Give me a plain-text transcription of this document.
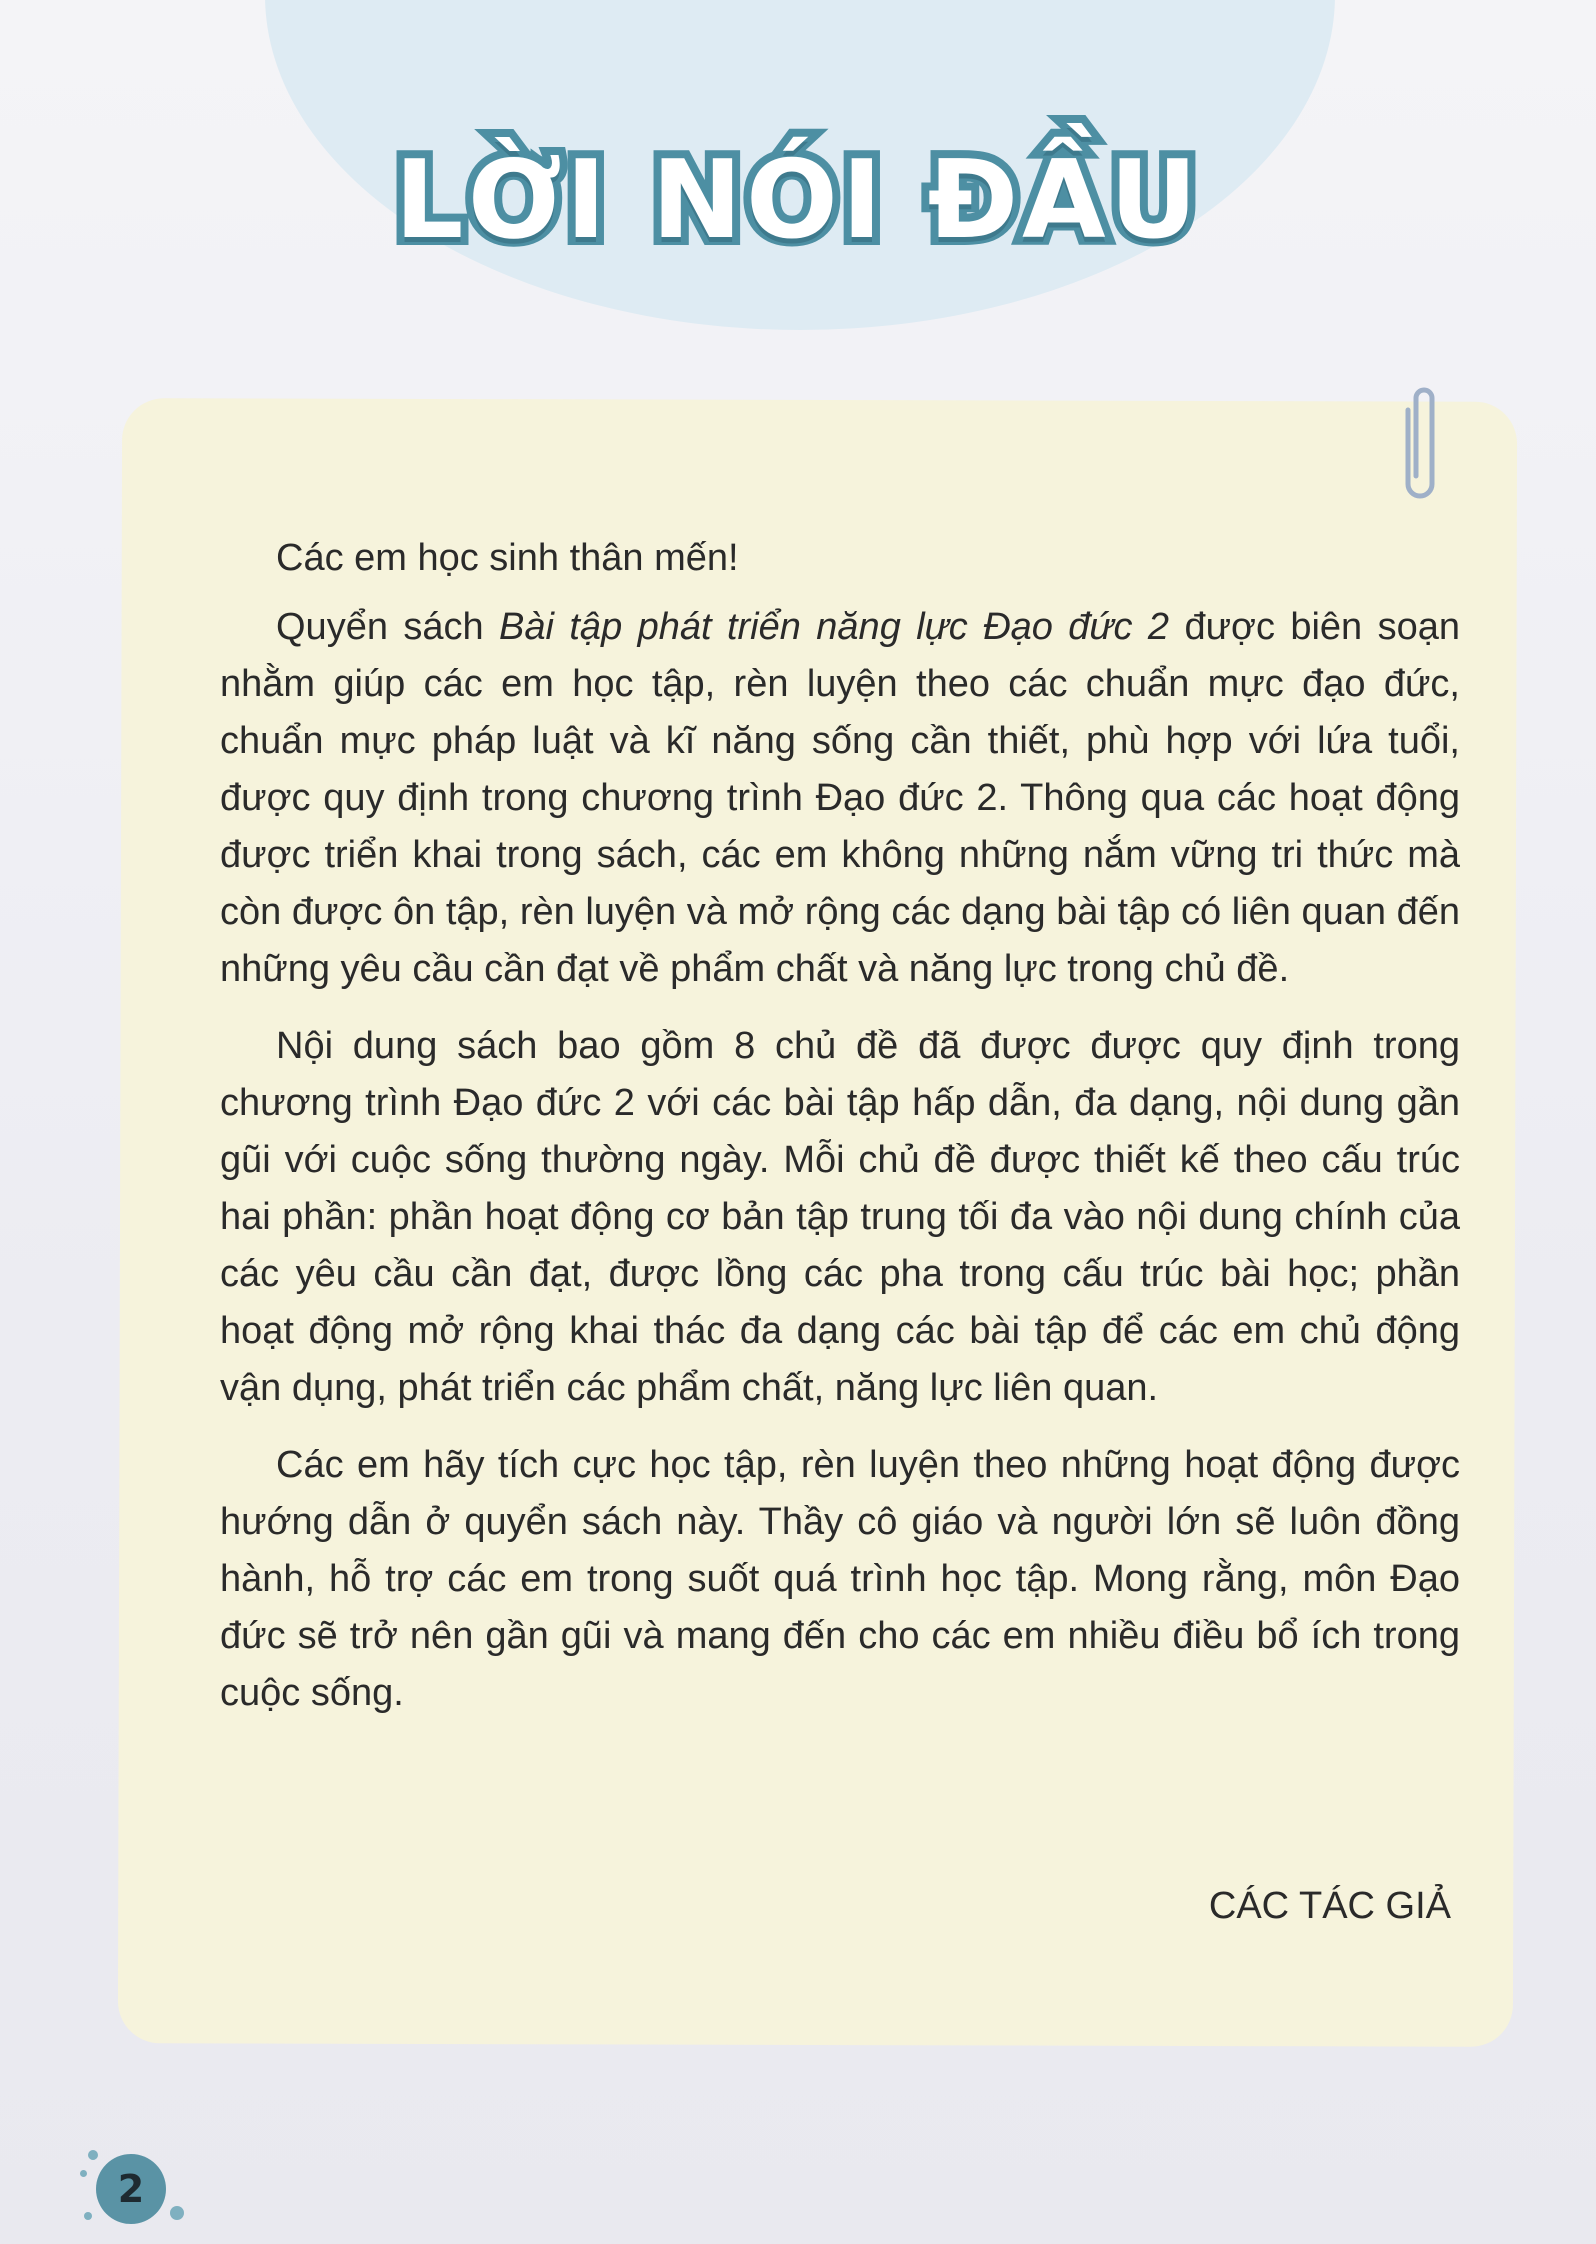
LỜI NÓI ĐẦU

Các em học sinh thân mến!

Quyển sách Bài tập phát triển năng lực Đạo đức 2 được biên soạn nhằm giúp các em học tập, rèn luyện theo các chuẩn mực đạo đức, chuẩn mực pháp luật và kĩ năng sống cần thiết, phù hợp với lứa tuổi, được quy định trong chương trình Đạo đức 2. Thông qua các hoạt động được triển khai trong sách, các em không những nắm vững tri thức mà còn được ôn tập, rèn luyện và mở rộng các dạng bài tập có liên quan đến những yêu cầu cần đạt về phẩm chất và năng lực trong chủ đề.

Nội dung sách bao gồm 8 chủ đề đã được được quy định trong chương trình Đạo đức 2 với các bài tập hấp dẫn, đa dạng, nội dung gần gũi với cuộc sống thường ngày. Mỗi chủ đề được thiết kế theo cấu trúc hai phần: phần hoạt động cơ bản tập trung tối đa vào nội dung chính của các yêu cầu cần đạt, được lồng các pha trong cấu trúc bài học; phần hoạt động mở rộng khai thác đa dạng các bài tập để các em chủ động vận dụng, phát triển các phẩm chất, năng lực liên quan.

Các em hãy tích cực học tập, rèn luyện theo những hoạt động được hướng dẫn ở quyển sách này. Thầy cô giáo và người lớn sẽ luôn đồng hành, hỗ trợ các em trong suốt quá trình học tập. Mong rằng, môn Đạo đức sẽ trở nên gần gũi và mang đến cho các em nhiều điều bổ ích trong cuộc sống.

CÁC TÁC GIẢ
2
